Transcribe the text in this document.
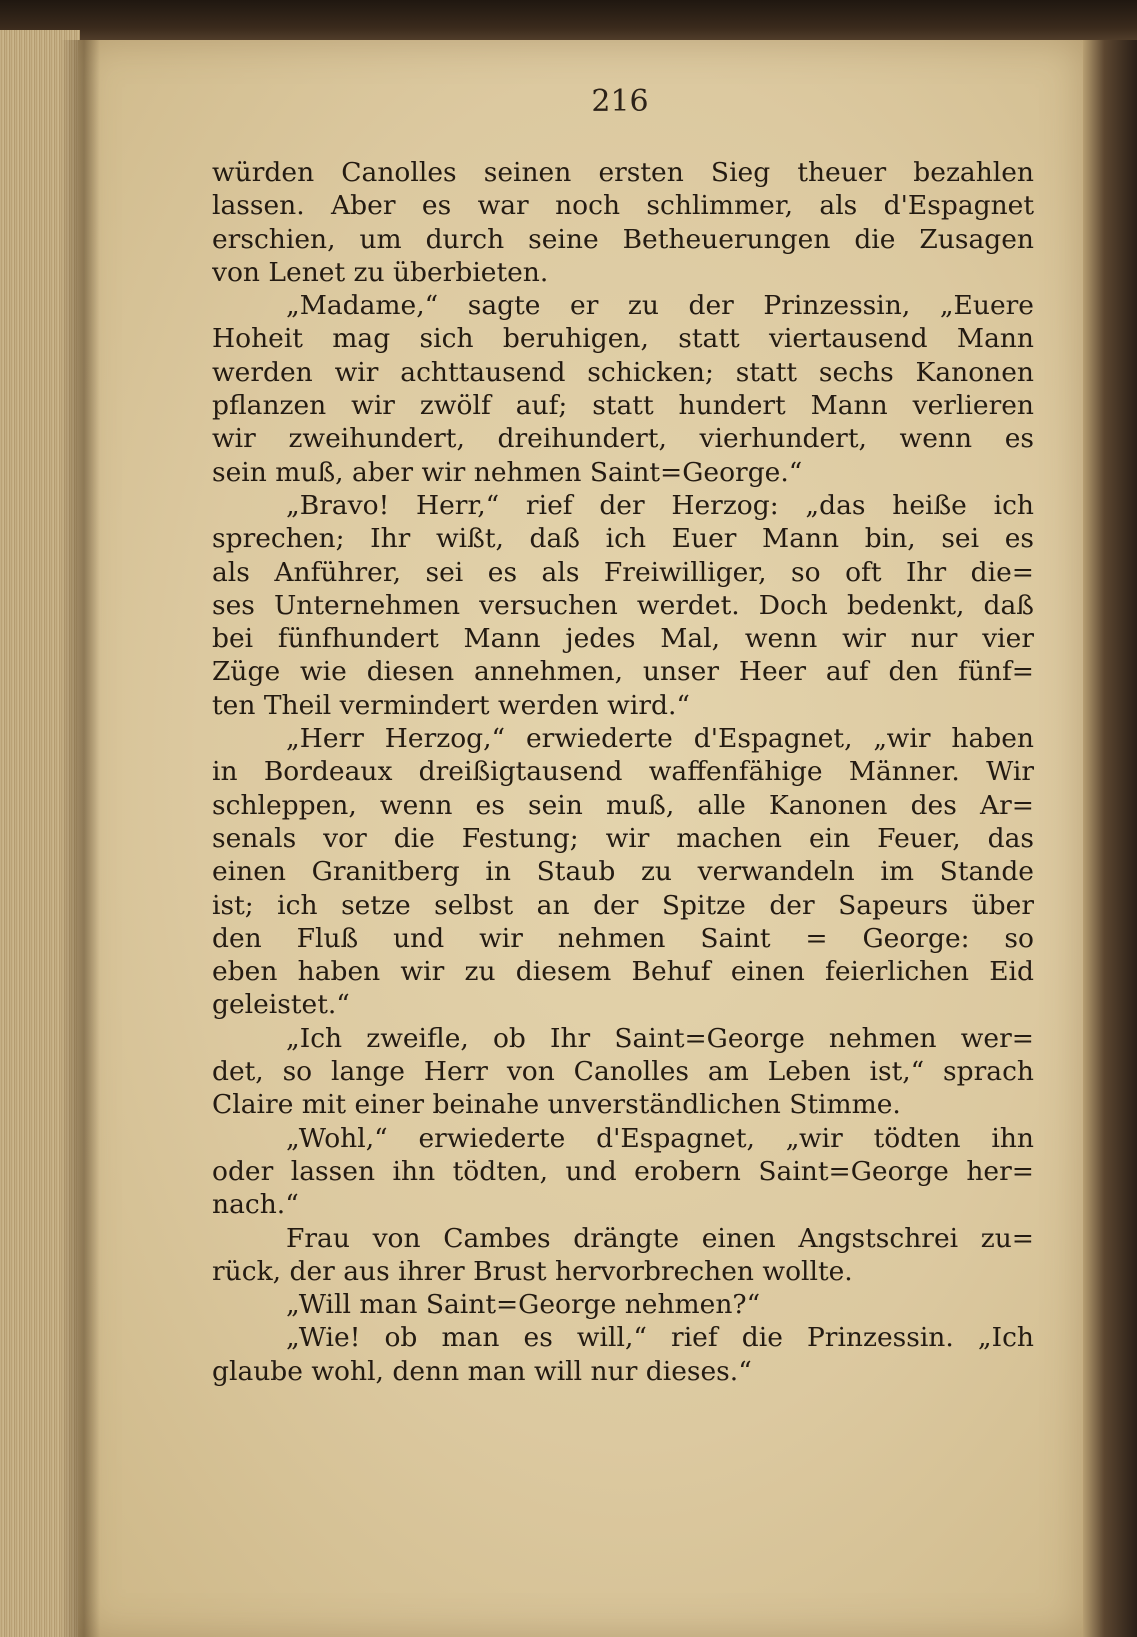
216
würden Canolles seinen ersten Sieg theuer bezahlen
lassen. Aber es war noch schlimmer, als d'Espagnet
erschien, um durch seine Betheuerungen die Zusagen
von Lenet zu überbieten.
„Madame,“ sagte er zu der Prinzessin, „Euere
Hoheit mag sich beruhigen, statt viertausend Mann
werden wir achttausend schicken; statt sechs Kanonen
pflanzen wir zwölf auf; statt hundert Mann verlieren
wir zweihundert, dreihundert, vierhundert, wenn es
sein muß, aber wir nehmen Saint=George.“
„Bravo! Herr,“ rief der Herzog: „das heiße ich
sprechen; Ihr wißt, daß ich Euer Mann bin, sei es
als Anführer, sei es als Freiwilliger, so oft Ihr die=
ses Unternehmen versuchen werdet. Doch bedenkt, daß
bei fünfhundert Mann jedes Mal, wenn wir nur vier
Züge wie diesen annehmen, unser Heer auf den fünf=
ten Theil vermindert werden wird.“
„Herr Herzog,“ erwiederte d'Espagnet, „wir haben
in Bordeaux dreißigtausend waffenfähige Männer. Wir
schleppen, wenn es sein muß, alle Kanonen des Ar=
senals vor die Festung; wir machen ein Feuer, das
einen Granitberg in Staub zu verwandeln im Stande
ist; ich setze selbst an der Spitze der Sapeurs über
den Fluß und wir nehmen Saint = George: so
eben haben wir zu diesem Behuf einen feierlichen Eid
geleistet.“
„Ich zweifle, ob Ihr Saint=George nehmen wer=
det, so lange Herr von Canolles am Leben ist,“ sprach
Claire mit einer beinahe unverständlichen Stimme.
„Wohl,“ erwiederte d'Espagnet, „wir tödten ihn
oder lassen ihn tödten, und erobern Saint=George her=
nach.“
Frau von Cambes drängte einen Angstschrei zu=
rück, der aus ihrer Brust hervorbrechen wollte.
„Will man Saint=George nehmen?“
„Wie! ob man es will,“ rief die Prinzessin. „Ich
glaube wohl, denn man will nur dieses.“
